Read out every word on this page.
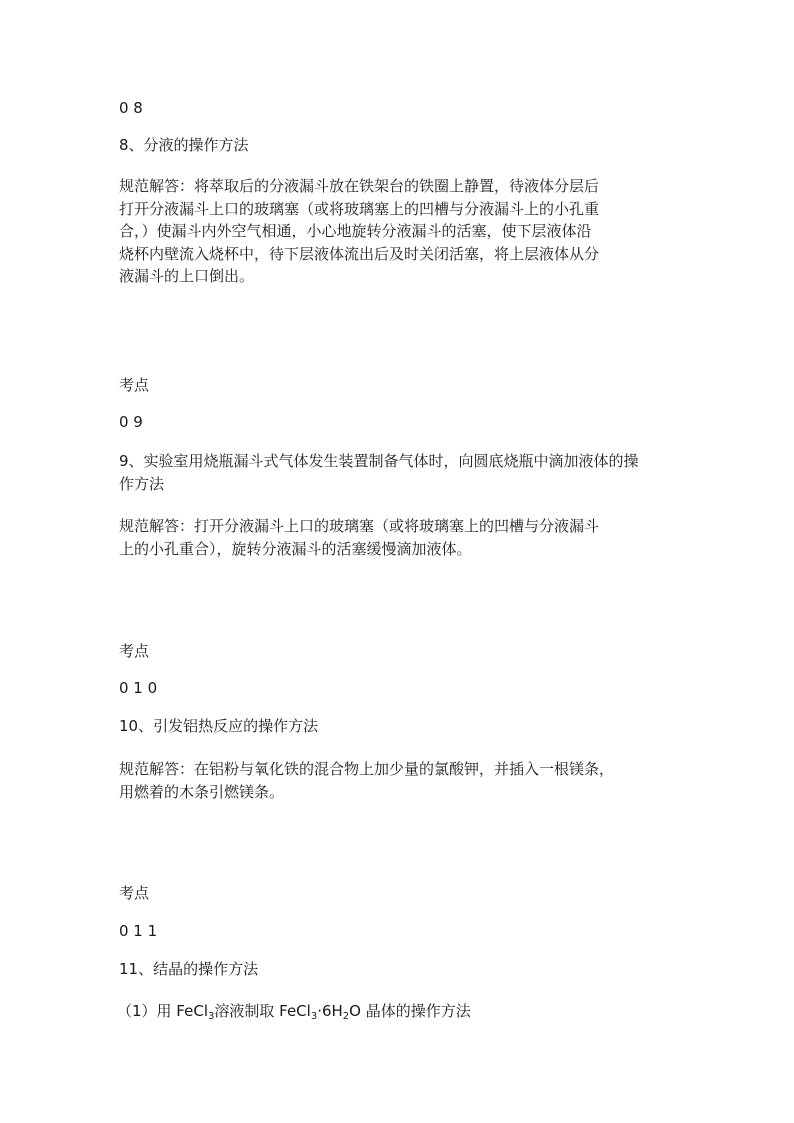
0 8
8、分液的操作方法
规范解答：将萃取后的分液漏斗放在铁架台的铁圈上静置，待液体分层后
打开分液漏斗上口的玻璃塞（或将玻璃塞上的凹槽与分液漏斗上的小孔重
合，）使漏斗内外空气相通，小心地旋转分液漏斗的活塞，使下层液体沿
烧杯内壁流入烧杯中，待下层液体流出后及时关闭活塞，将上层液体从分
液漏斗的上口倒出。
考点
0 9
9、实验室用烧瓶漏斗式气体发生装置制备气体时，向圆底烧瓶中滴加液体的操
作方法
规范解答：打开分液漏斗上口的玻璃塞（或将玻璃塞上的凹槽与分液漏斗
上的小孔重合），旋转分液漏斗的活塞缓慢滴加液体。
考点
0 1 0
10、引发铝热反应的操作方法
规范解答：在铝粉与氧化铁的混合物上加少量的氯酸钾，并插入一根镁条，
用燃着的木条引燃镁条。
考点
0 1 1
11、结晶的操作方法
（1）用 FeCl$_3$溶液制取 $FeCl_3\cdot 6H_2O$ 晶体的操作方法
